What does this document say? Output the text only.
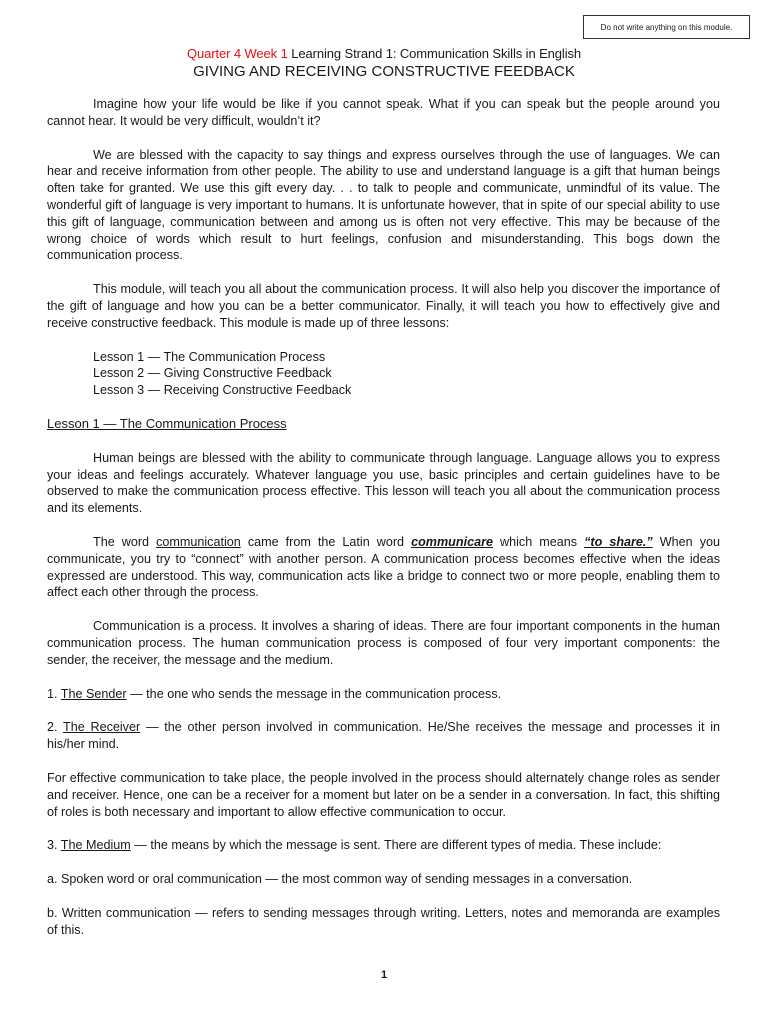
Do not write anything on this module.
Quarter 4 Week 1 Learning Strand 1: Communication Skills in English
GIVING AND RECEIVING CONSTRUCTIVE FEEDBACK

Imagine how your life would be like if you cannot speak. What if you can speak but the people around you cannot hear. It would be very difficult, wouldn’t it?

We are blessed with the capacity to say things and express ourselves through the use of languages. We can hear and receive information from other people. The ability to use and understand language is a gift that human beings often take for granted. We use this gift every day. . . to talk to people and communicate, unmindful of its value. The wonderful gift of language is very important to humans. It is unfortunate however, that in spite of our special ability to use this gift of language, communication between and among us is often not very effective. This may be because of the wrong choice of words which result to hurt feelings, confusion and misunderstanding. This bogs down the communication process.

This module, will teach you all about the communication process. It will also help you discover the importance of the gift of language and how you can be a better communicator. Finally, it will teach you how to effectively give and receive constructive feedback. This module is made up of three lessons:

Lesson 1 — The Communication Process
Lesson 2 — Giving Constructive Feedback
Lesson 3 — Receiving Constructive Feedback
Lesson 1 — The Communication Process

Human beings are blessed with the ability to communicate through language. Language allows you to express your ideas and feelings accurately. Whatever language you use, basic principles and certain guidelines have to be observed to make the communication process effective. This lesson will teach you all about the communication process and its elements.

The word communication came from the Latin word communicare which means “to share.” When you communicate, you try to “connect” with another person. A communication process becomes effective when the ideas expressed are understood. This way, communication acts like a bridge to connect two or more people, enabling them to affect each other through the process.

Communication is a process. It involves a sharing of ideas. There are four important components in the human communication process. The human communication process is composed of four very important components: the sender, the receiver, the message and the medium.

1. The Sender — the one who sends the message in the communication process.

2. The Receiver — the other person involved in communication. He/She receives the message and processes it in his/her mind.

For effective communication to take place, the people involved in the process should alternately change roles as sender and receiver. Hence, one can be a receiver for a moment but later on be a sender in a conversation. In fact, this shifting of roles is both necessary and important to allow effective communication to occur.

3. The Medium — the means by which the message is sent. There are different types of media. These include:

a. Spoken word or oral communication — the most common way of sending messages in a conversation.

b. Written communication — refers to sending messages through writing. Letters, notes and memoranda are examples of this.

1
